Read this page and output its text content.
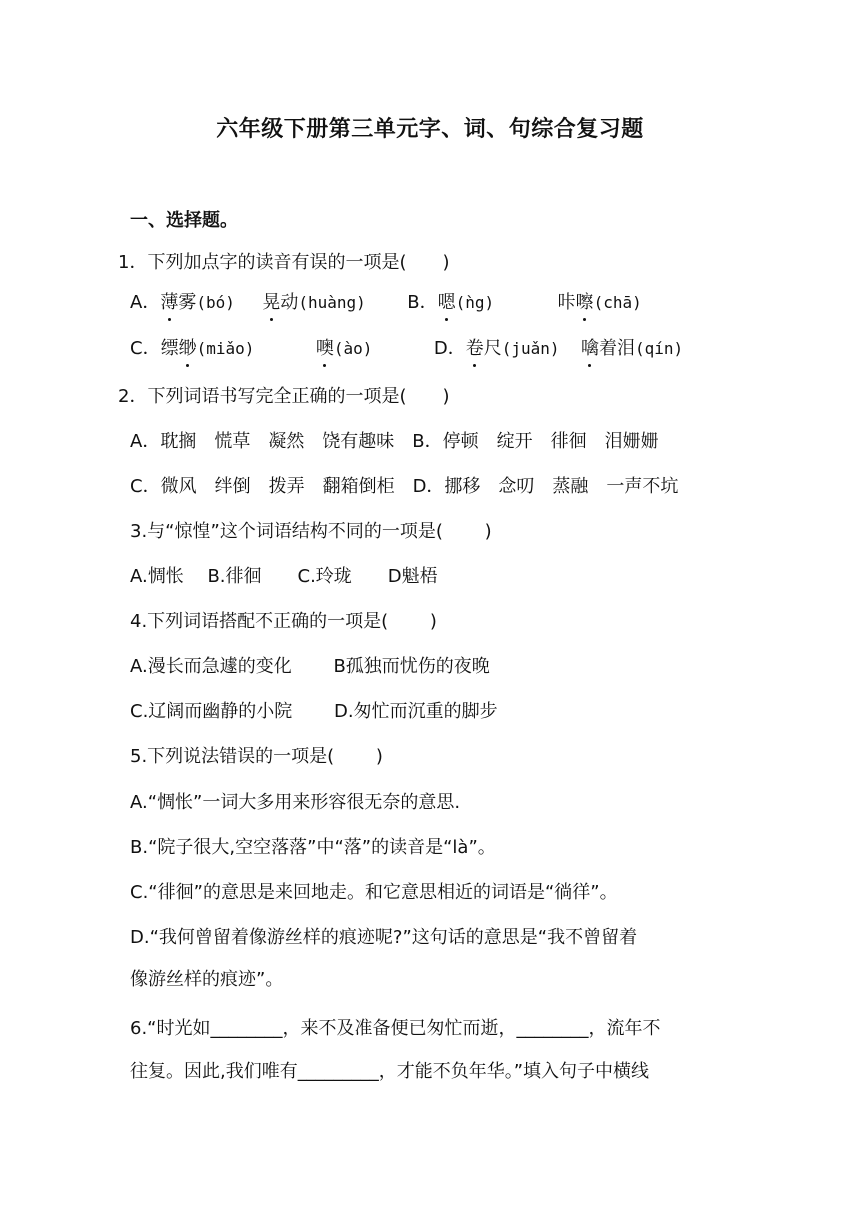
六年级下册第三单元字、词、句综合复习题
一、选择题。
1．下列加点字的读音有误的一项是(　　)
A．薄雾(bó) 晃动(huàng) B．嗯(ǹg)	咔嚓(chā)
C．缥缈(miǎo)	噢(ào)	D．卷尺(juǎn) 噙着泪(qín)
2．下列词语书写完全正确的一项是(　　)
A．耽搁　慌草　凝然　饶有趣味　B．停顿　绽开　徘徊　泪姗姗
C．微风　绊倒　拨弄　翻箱倒柜　D．挪移　念叨　蒸融　一声不坑
3.与“惊惶”这个词语结构不同的一项是(　　 )
A.惆怅　 B.徘徊　　C.玲珑　　D魁梧
4.下列词语搭配不正确的一项是(　　 )
A.漫长而急遽的变化　　 B孤独而忧伤的夜晚
C.辽阔而幽静的小院　　 D.匆忙而沉重的脚步
5.下列说法错误的一项是(　　 )
A.“惆怅”一词大多用来形容很无奈的意思.
B.“院子很大,空空落落”中“落”的读音是“là”。
C.“徘徊”的意思是来回地走。和它意思相近的词语是“徜徉”。
D.“我何曾留着像游丝样的痕迹呢?”这句话的意思是“我不曾留着
像游丝样的痕迹”。
6.“时光如________，来不及准备便已匆忙而逝，________，流年不
往复。因此,我们唯有_________，才能不负年华。”填入句子中横线
